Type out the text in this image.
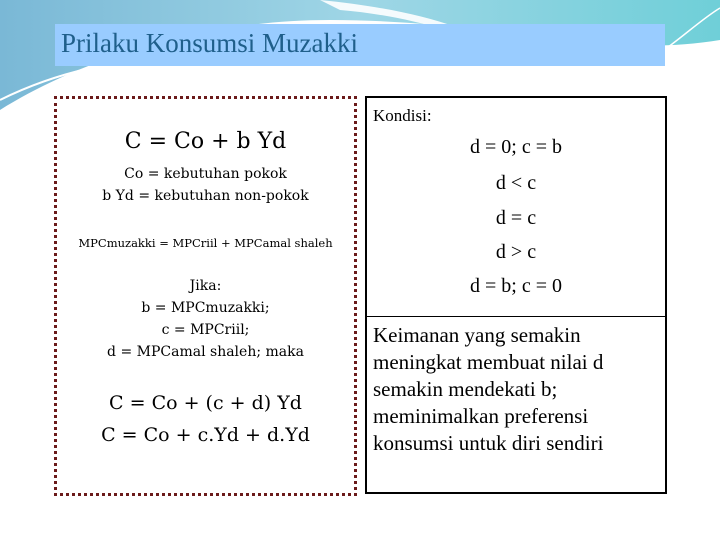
Prilaku Konsumsi Muzakki
C = Co + b Yd
Co = kebutuhan pokok
b Yd = kebutuhan non-pokok
MPCmuzakki = MPCriil + MPCamal shaleh
Jika:
b = MPCmuzakki;
c = MPCriil;
d = MPCamal shaleh; maka
C = Co + (c + d) Yd
C = Co + c.Yd + d.Yd
Kondisi:
d = 0; c = b
d < c
d = c
d > c
d = b; c = 0
Keimanan yang semakin meningkat membuat nilai d semakin mendekati b; meminimalkan preferensi konsumsi untuk diri sendiri
